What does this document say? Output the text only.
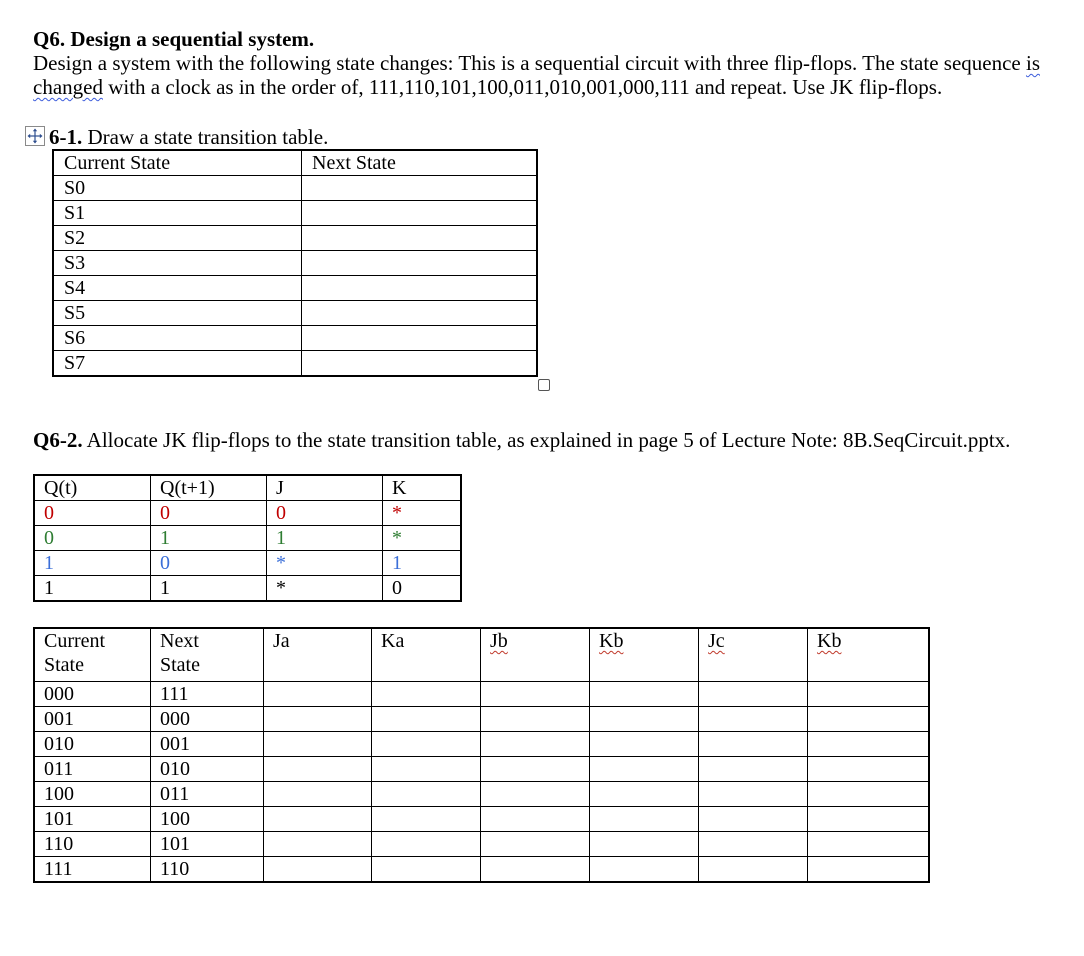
Q6. Design a sequential system.
Design a system with the following state changes: This is a sequential circuit with three flip-flops. The state sequence is changed with a clock as in the order of, 111,110,101,100,011,010,001,000,111 and repeat. Use JK flip-flops.
6-1. Draw a state transition table.
Current State	Next State
S0	
S1	
S2	
S3	
S4	
S5	
S6	
S7	
Q6-2. Allocate JK flip-flops to the state transition table, as explained in page 5 of Lecture Note: 8B.SeqCircuit.pptx.
Q(t)	Q(t+1)	J	K
0	0	0	*
0	1	1	*
1	0	*	1
1	1	*	0
Current
State	Next
State	Ja	Ka	Jb	Kb	Jc	Kb
000	111						
001	000						
010	001						
011	010						
100	011						
101	100						
110	101						
111	110						
